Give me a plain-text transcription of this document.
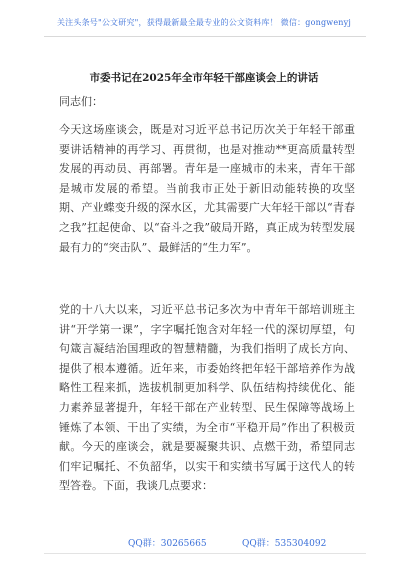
关注头条号"公文研究"，获得最新最全最专业的公文资料库！ 微信：gongwenyj
市委书记在2025年全市年轻干部座谈会上的讲话
同志们：

今天这场座谈会，既是对习近平总书记历次关于年轻干部重要讲话精神的再学习、再贯彻，也是对推动**更高质量转型发展的再动员、再部署。青年是一座城市的未来，青年干部是城市发展的希望。当前我市正处于新旧动能转换的攻坚期、产业蝶变升级的深水区，尤其需要广大年轻干部以“青春之我”扛起使命、以“奋斗之我”破局开路，真正成为转型发展最有力的“突击队”、最鲜活的“生力军”。

党的十八大以来，习近平总书记多次为中青年干部培训班主讲“开学第一课”，字字嘱托饱含对年轻一代的深切厚望，句句箴言凝结治国理政的智慧精髓，为我们指明了成长方向、提供了根本遵循。近年来，市委始终把年轻干部培养作为战略性工程来抓，选拔机制更加科学、队伍结构持续优化、能力素养显著提升，年轻干部在产业转型、民生保障等战场上锤炼了本领、干出了实绩，为全市“平稳开局”作出了积极贡献。今天的座谈会，就是要凝聚共识、点燃干劲，希望同志们牢记嘱托、不负韶华，以实干和实绩书写属于这代人的转型答卷。下面，我谈几点要求：

QQ群：30265665	QQ群：535304092
